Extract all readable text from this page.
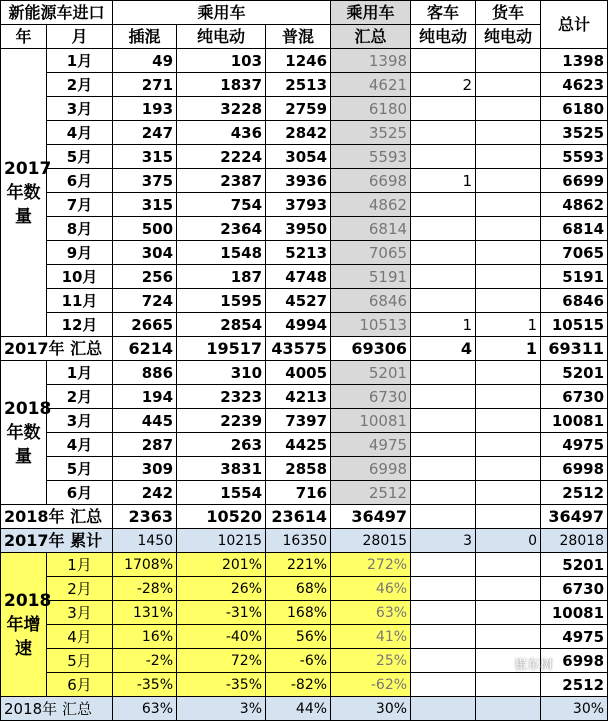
新能源车进口		乘用车			乘用车	客车	货车	总计
年	月	插混	纯电动	普混	汇总	纯电动	纯电动	
2017年数量	1月	49	103	1246	1398			1398
	2月	271	1837	2513	4621	2		4623
	3月	193	3228	2759	6180			6180
	4月	247	436	2842	3525			3525
	5月	315	2224	3054	5593			5593
	6月	375	2387	3936	6698	1		6699
	7月	315	754	3793	4862			4862
	8月	500	2364	3950	6814			6814
	9月	304	1548	5213	7065			7065
	10月	256	187	4748	5191			5191
	11月	724	1595	4527	6846			6846
	12月	2665	2854	4994	10513	1	1	10515
2017年 汇总		6214	19517	43575	69306	4	1	69311
2018年数量	1月	886	310	4005	5201			5201
	2月	194	2323	4213	6730			6730
	3月	445	2239	7397	10081			10081
	4月	287	263	4425	4975			4975
	5月	309	3831	2858	6998			6998
	6月	242	1554	716	2512			2512
2018年 汇总		2363	10520	23614	36497			36497
2017年 累计		1450	10215	16350	28015	3	0	28018
2018年增速	1月	1708%	201%	221%	272%			5201
	2月	-28%	26%	68%	46%			6730
	3月	131%	-31%	168%	63%			10081
	4月	16%	-40%	56%	41%			4975
	5月	-2%	72%	-6%	25%			6998
	6月	-35%	-35%	-82%	-62%			2512
2018年 汇总		63%	3%	44%	30%			30%
崔东树
